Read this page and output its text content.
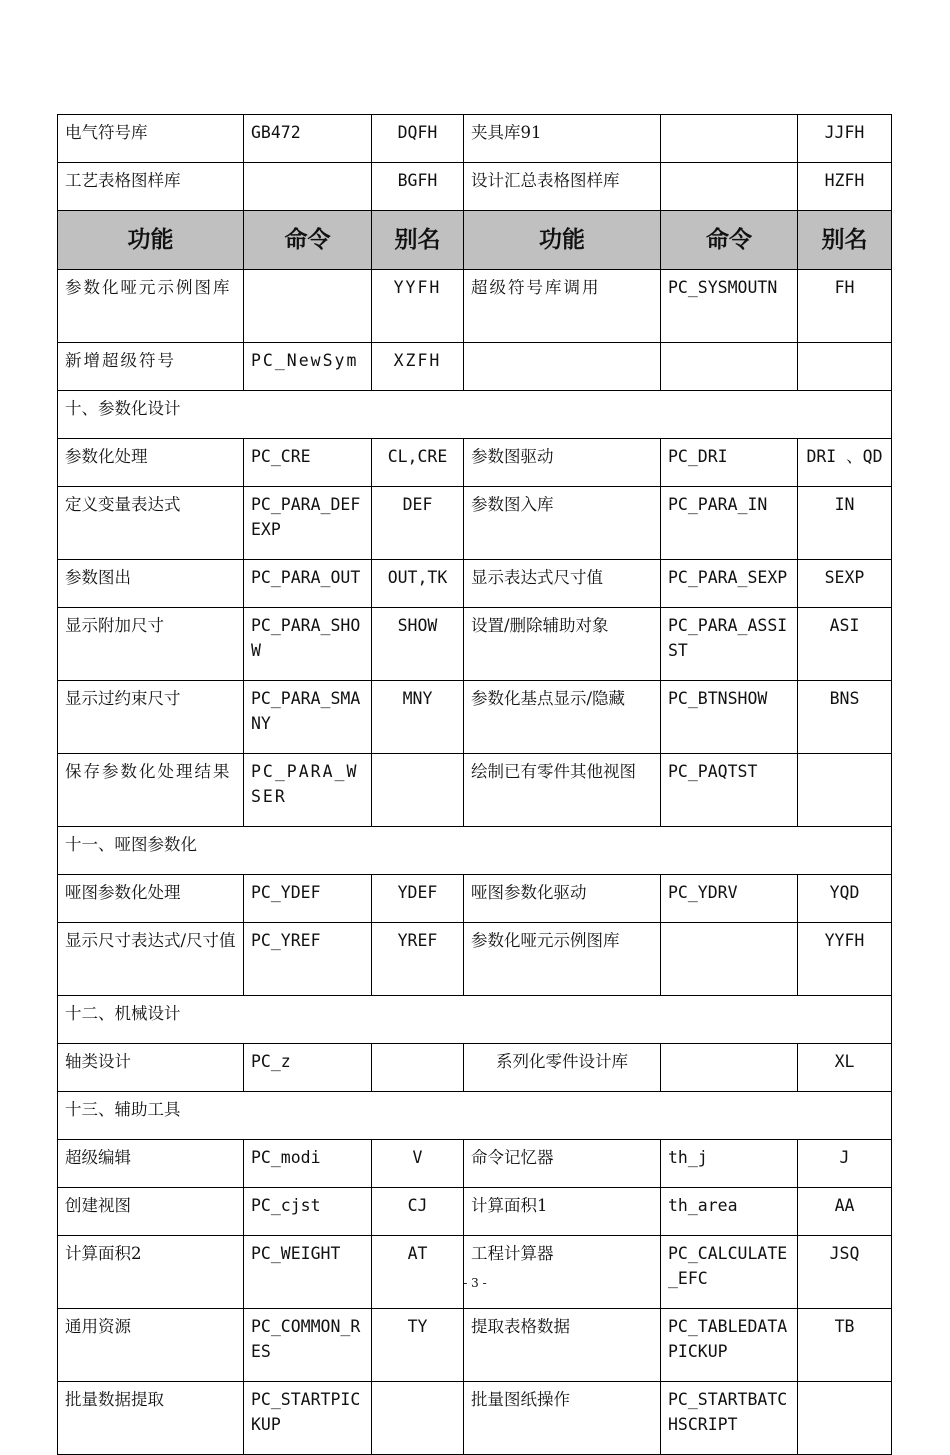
电气符号库	GB472	DQFH	夹具库91		JJFH
工艺表格图样库		BGFH	设计汇总表格图样库		HZFH
功能	命令	别名	功能	命令	别名
参数化哑元示例图库		YYFH	超级符号库调用	PC_SYSMOUTN	FH
新增超级符号	PC_NewSym	XZFH			
十、参数化设计					
参数化处理	PC_CRE	CL,CRE	参数图驱动	PC_DRI	DRI 、QD
定义变量表达式	PC_PARA_DEFEXP	DEF	参数图入库	PC_PARA_IN	IN
参数图出	PC_PARA_OUT	OUT,TK	显示表达式尺寸值	PC_PARA_SEXP	SEXP
显示附加尺寸	PC_PARA_SHOW	SHOW	设置/删除辅助对象	PC_PARA_ASSIST	ASI
显示过约束尺寸	PC_PARA_SMANY	MNY	参数化基点显示/隐藏	PC_BTNSHOW	BNS
保存参数化处理结果	PC_PARA_WSER		绘制已有零件其他视图	PC_PAQTST	
十一、哑图参数化					
哑图参数化处理	PC_YDEF	YDEF	哑图参数化驱动	PC_YDRV	YQD
显示尺寸表达式/尺寸值	PC_YREF	YREF	参数化哑元示例图库		YYFH
十二、机械设计					
轴类设计	PC_z		系列化零件设计库		XL
十三、辅助工具					
超级编辑	PC_modi	V	命令记忆器	th_j	J
创建视图	PC_cjst	CJ	计算面积1	th_area	AA
计算面积2	PC_WEIGHT	AT	工程计算器	PC_CALCULATE_EFC	JSQ
通用资源	PC_COMMON_RES	TY	提取表格数据	PC_TABLEDATAPICKUP	TB
批量数据提取	PC_STARTPICKUP		批量图纸操作	PC_STARTBATCHSCRIPT	
- 3 -
